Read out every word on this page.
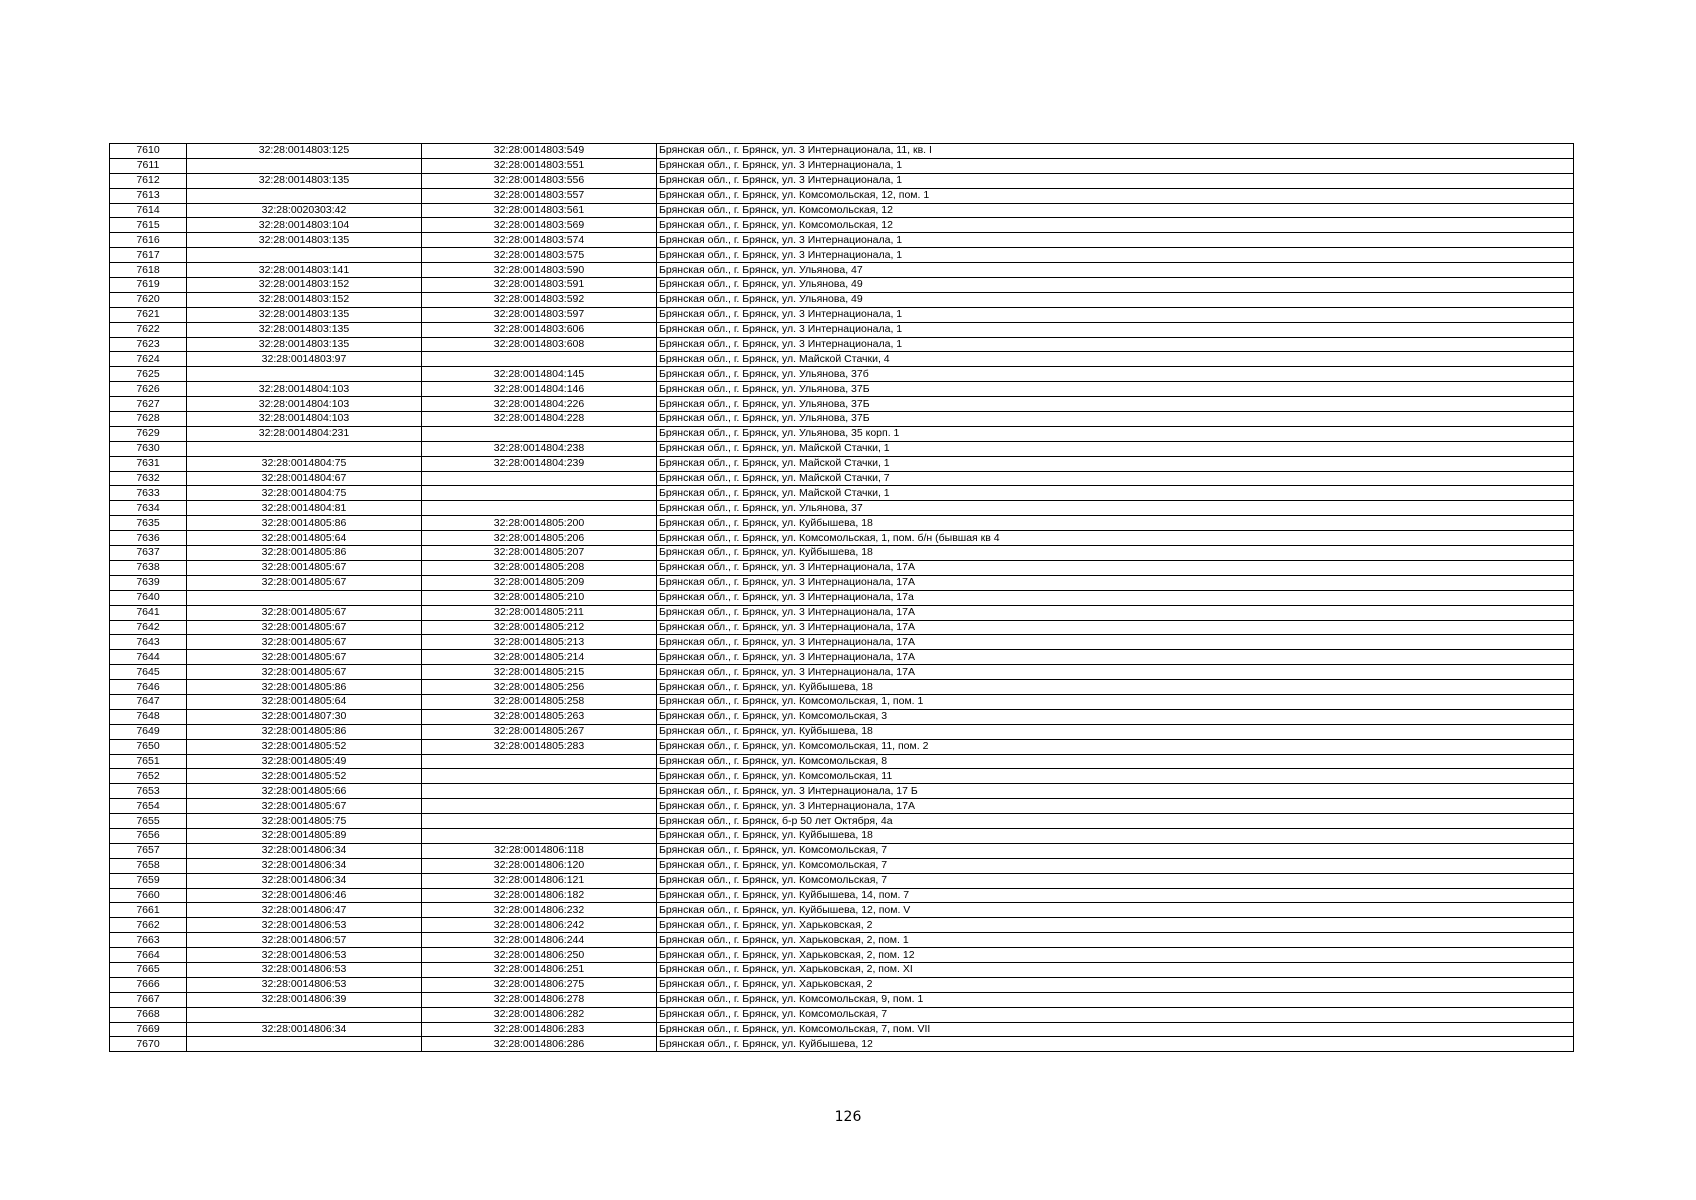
7610	32:28:0014803:125	32:28:0014803:549	Брянская обл., г. Брянск, ул. 3 Интернационала, 11, кв. I
7611		32:28:0014803:551	Брянская обл., г. Брянск, ул. 3 Интернационала, 1
7612	32:28:0014803:135	32:28:0014803:556	Брянская обл., г. Брянск, ул. 3 Интернационала, 1
7613		32:28:0014803:557	Брянская обл., г. Брянск, ул. Комсомольская, 12, пом. 1
7614	32:28:0020303:42	32:28:0014803:561	Брянская обл., г. Брянск, ул. Комсомольская, 12
7615	32:28:0014803:104	32:28:0014803:569	Брянская обл., г. Брянск, ул. Комсомольская, 12
7616	32:28:0014803:135	32:28:0014803:574	Брянская обл., г. Брянск, ул. 3 Интернационала, 1
7617		32:28:0014803:575	Брянская обл., г. Брянск, ул. 3 Интернационала, 1
7618	32:28:0014803:141	32:28:0014803:590	Брянская обл., г. Брянск, ул. Ульянова, 47
7619	32:28:0014803:152	32:28:0014803:591	Брянская обл., г. Брянск, ул. Ульянова, 49
7620	32:28:0014803:152	32:28:0014803:592	Брянская обл., г. Брянск, ул. Ульянова, 49
7621	32:28:0014803:135	32:28:0014803:597	Брянская обл., г. Брянск, ул. 3 Интернационала, 1
7622	32:28:0014803:135	32:28:0014803:606	Брянская обл., г. Брянск, ул. 3 Интернационала, 1
7623	32:28:0014803:135	32:28:0014803:608	Брянская обл., г. Брянск, ул. 3 Интернационала, 1
7624	32:28:0014803:97		Брянская обл., г. Брянск, ул. Майской Стачки, 4
7625		32:28:0014804:145	Брянская обл., г. Брянск, ул. Ульянова, 37б
7626	32:28:0014804:103	32:28:0014804:146	Брянская обл., г. Брянск, ул. Ульянова, 37Б
7627	32:28:0014804:103	32:28:0014804:226	Брянская обл., г. Брянск, ул. Ульянова, 37Б
7628	32:28:0014804:103	32:28:0014804:228	Брянская обл., г. Брянск, ул. Ульянова, 37Б
7629	32:28:0014804:231		Брянская обл., г. Брянск, ул. Ульянова, 35 корп. 1
7630		32:28:0014804:238	Брянская обл., г. Брянск, ул. Майской Стачки, 1
7631	32:28:0014804:75	32:28:0014804:239	Брянская обл., г. Брянск, ул. Майской Стачки, 1
7632	32:28:0014804:67		Брянская обл., г. Брянск, ул. Майской Стачки, 7
7633	32:28:0014804:75		Брянская обл., г. Брянск, ул. Майской Стачки, 1
7634	32:28:0014804:81		Брянская обл., г. Брянск, ул. Ульянова, 37
7635	32:28:0014805:86	32:28:0014805:200	Брянская обл., г. Брянск, ул. Куйбышева, 18
7636	32:28:0014805:64	32:28:0014805:206	Брянская обл., г. Брянск, ул. Комсомольская, 1, пом. б/н (бывшая кв 4
7637	32:28:0014805:86	32:28:0014805:207	Брянская обл., г. Брянск, ул. Куйбышева, 18
7638	32:28:0014805:67	32:28:0014805:208	Брянская обл., г. Брянск, ул. 3 Интернационала, 17А
7639	32:28:0014805:67	32:28:0014805:209	Брянская обл., г. Брянск, ул. 3 Интернационала, 17А
7640		32:28:0014805:210	Брянская обл., г. Брянск, ул. 3 Интернационала, 17а
7641	32:28:0014805:67	32:28:0014805:211	Брянская обл., г. Брянск, ул. 3 Интернационала, 17А
7642	32:28:0014805:67	32:28:0014805:212	Брянская обл., г. Брянск, ул. 3 Интернационала, 17А
7643	32:28:0014805:67	32:28:0014805:213	Брянская обл., г. Брянск, ул. 3 Интернационала, 17А
7644	32:28:0014805:67	32:28:0014805:214	Брянская обл., г. Брянск, ул. 3 Интернационала, 17А
7645	32:28:0014805:67	32:28:0014805:215	Брянская обл., г. Брянск, ул. 3 Интернационала, 17А
7646	32:28:0014805:86	32:28:0014805:256	Брянская обл., г. Брянск, ул. Куйбышева, 18
7647	32:28:0014805:64	32:28:0014805:258	Брянская обл., г. Брянск, ул. Комсомольская, 1, пом. 1
7648	32:28:0014807:30	32:28:0014805:263	Брянская обл., г. Брянск, ул. Комсомольская, 3
7649	32:28:0014805:86	32:28:0014805:267	Брянская обл., г. Брянск, ул. Куйбышева, 18
7650	32:28:0014805:52	32:28:0014805:283	Брянская обл., г. Брянск, ул. Комсомольская, 11, пом. 2
7651	32:28:0014805:49		Брянская обл., г. Брянск, ул. Комсомольская, 8
7652	32:28:0014805:52		Брянская обл., г. Брянск, ул. Комсомольская, 11
7653	32:28:0014805:66		Брянская обл., г. Брянск, ул. 3 Интернационала, 17 Б
7654	32:28:0014805:67		Брянская обл., г. Брянск, ул. 3 Интернационала, 17А
7655	32:28:0014805:75		Брянская обл., г. Брянск, б-р 50 лет Октября, 4а
7656	32:28:0014805:89		Брянская обл., г. Брянск, ул. Куйбышева, 18
7657	32:28:0014806:34	32:28:0014806:118	Брянская обл., г. Брянск, ул. Комсомольская, 7
7658	32:28:0014806:34	32:28:0014806:120	Брянская обл., г. Брянск, ул. Комсомольская, 7
7659	32:28:0014806:34	32:28:0014806:121	Брянская обл., г. Брянск, ул. Комсомольская, 7
7660	32:28:0014806:46	32:28:0014806:182	Брянская обл., г. Брянск, ул. Куйбышева, 14, пом. 7
7661	32:28:0014806:47	32:28:0014806:232	Брянская обл., г. Брянск, ул. Куйбышева, 12, пом. V
7662	32:28:0014806:53	32:28:0014806:242	Брянская обл., г. Брянск, ул. Харьковская, 2
7663	32:28:0014806:57	32:28:0014806:244	Брянская обл., г. Брянск, ул. Харьковская, 2, пом. 1
7664	32:28:0014806:53	32:28:0014806:250	Брянская обл., г. Брянск, ул. Харьковская, 2, пом. 12
7665	32:28:0014806:53	32:28:0014806:251	Брянская обл., г. Брянск, ул. Харьковская, 2, пом. XI
7666	32:28:0014806:53	32:28:0014806:275	Брянская обл., г. Брянск, ул. Харьковская, 2
7667	32:28:0014806:39	32:28:0014806:278	Брянская обл., г. Брянск, ул. Комсомольская, 9, пом. 1
7668		32:28:0014806:282	Брянская обл., г. Брянск, ул. Комсомольская, 7
7669	32:28:0014806:34	32:28:0014806:283	Брянская обл., г. Брянск, ул. Комсомольская, 7, пом. VII
7670		32:28:0014806:286	Брянская обл., г. Брянск, ул. Куйбышева, 12
126
